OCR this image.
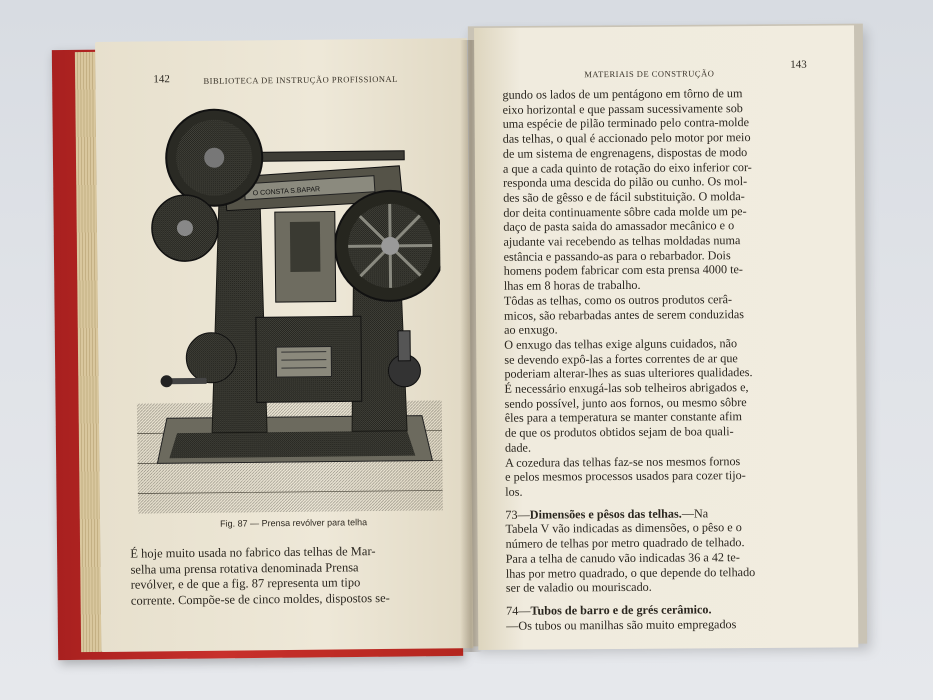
142	BIBLIOTECA DE INSTRUÇÃO PROFISSIONAL
O CONSTA S.BAPAR
Fig. 87 — Prensa revólver para telha
É hoje muito usada no fabrico das telhas de Mar-
selha uma prensa rotativa denominada Prensa
revólver, e de que a fig. 87 representa um tipo
corrente. Compõe-se de cinco moldes, dispostos se-
MATERIAIS DE CONSTRUÇÃO
143
gundo os lados de um pentágono em tôrno de um
eixo horizontal e que passam sucessivamente sob
uma espécie de pilão terminado pelo contra-molde
das telhas, o qual é accionado pelo motor por meio
de um sistema de engrenagens, dispostas de modo
a que a cada quinto de rotação do eixo inferior cor-
responda uma descida do pilão ou cunho. Os mol-
des são de gêsso e de fácil substituição. O molda-
dor deita continuamente sôbre cada molde um pe-
daço de pasta saida do amassador mecânico e o
ajudante vai recebendo as telhas moldadas numa
estância e passando-as para o rebarbador. Dois
homens podem fabricar com esta prensa 4000 te-
lhas em 8 horas de trabalho.
Tôdas as telhas, como os outros produtos cerâ-
micos, são rebarbadas antes de serem conduzidas
ao enxugo.
O enxugo das telhas exige alguns cuidados, não
se devendo expô-las a fortes correntes de ar que
poderiam alterar-lhes as suas ulteriores qualidades.
É necessário enxugá-las sob telheiros abrigados e,
sendo possível, junto aos fornos, ou mesmo sôbre
êles para a temperatura se manter constante afim
de que os produtos obtidos sejam de boa quali-
dade.
A cozedura das telhas faz-se nos mesmos fornos
e pelos mesmos processos usados para cozer tijo-
los.
73—Dimensões e pêsos das telhas.—Na
Tabela V vão indicadas as dimensões, o pêso e o
número de telhas por metro quadrado de telhado.
Para a telha de canudo vão indicadas 36 a 42 te-
lhas por metro quadrado, o que depende do telhado
ser de valadio ou mouriscado.
74—Tubos de barro e de grés cerâmico.
—Os tubos ou manilhas são muito empregados
